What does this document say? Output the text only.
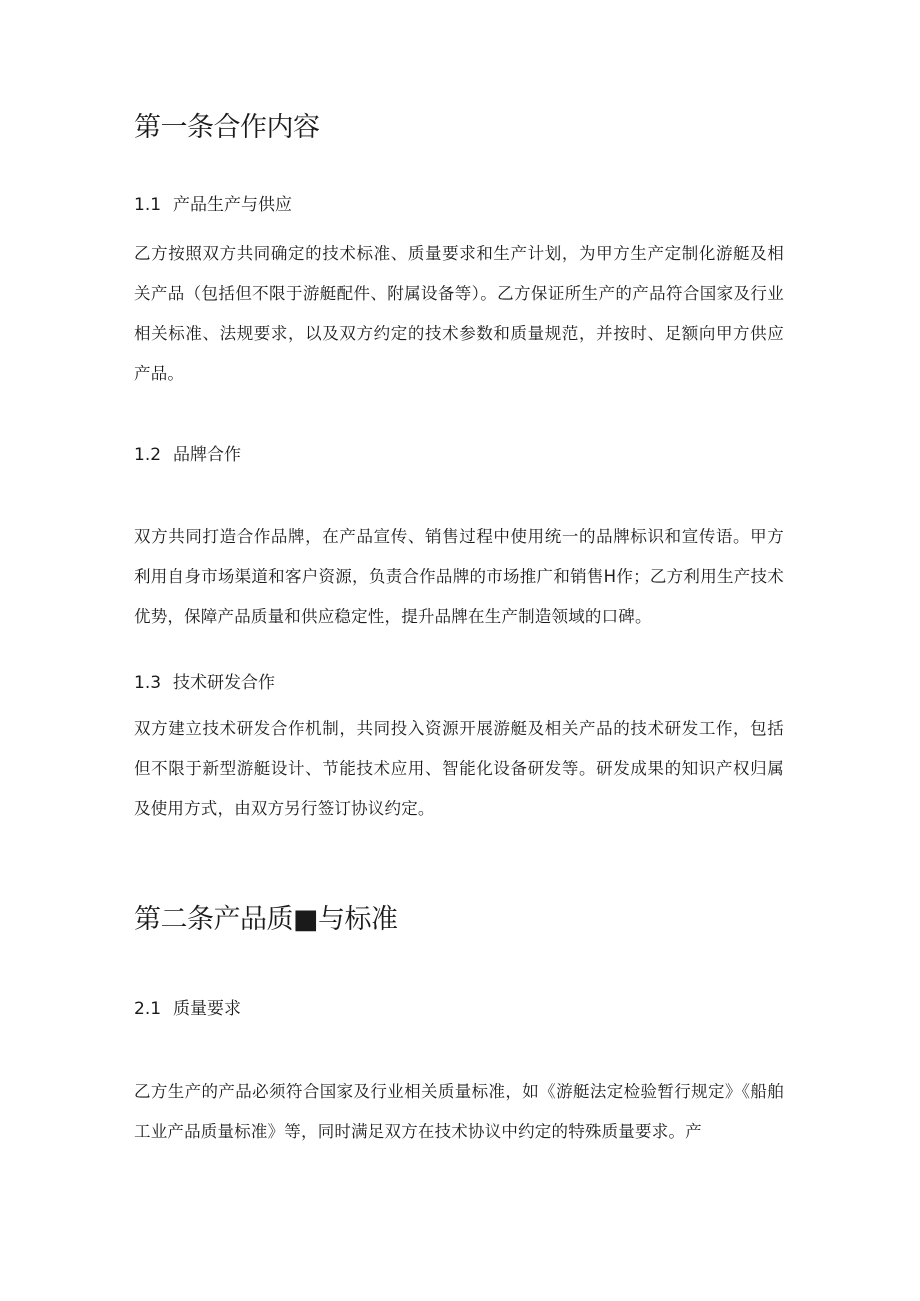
第一条合作内容
1.1 产品生产与供应

乙方按照双方共同确定的技术标准、质量要求和生产计划，为甲方生产定制化游艇及相关产品（包括但不限于游艇配件、附属设备等）。乙方保证所生产的产品符合国家及行业相关标准、法规要求，以及双方约定的技术参数和质量规范，并按时、足额向甲方供应产品。

1.2 品牌合作

双方共同打造合作品牌，在产品宣传、销售过程中使用统一的品牌标识和宣传语。甲方利用自身市场渠道和客户资源，负责合作品牌的市场推广和销售H作；乙方利用生产技术优势，保障产品质量和供应稳定性，提升品牌在生产制造领域的口碑。

1.3 技术研发合作

双方建立技术研发合作机制，共同投入资源开展游艇及相关产品的技术研发工作，包括但不限于新型游艇设计、节能技术应用、智能化设备研发等。研发成果的知识产权归属及使用方式，由双方另行签订协议约定。

第二条产品质■与标准
2.1 质量要求

乙方生产的产品必须符合国家及行业相关质量标准，如《游艇法定检验暂行规定》《船舶工业产品质量标准》等，同时满足双方在技术协议中约定的特殊质量要求。产
